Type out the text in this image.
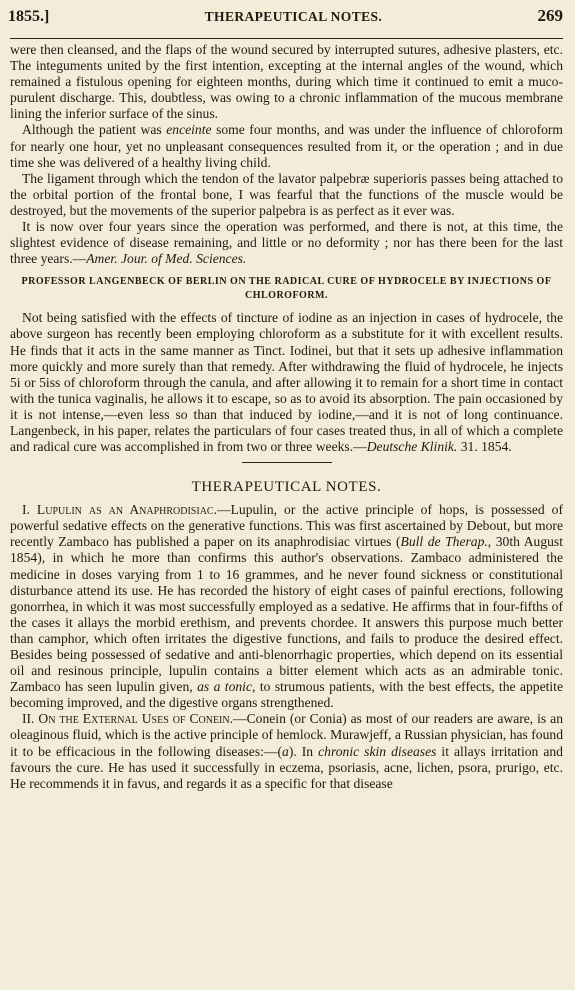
1855.]	THERAPEUTICAL NOTES.	269

were then cleansed, and the flaps of the wound secured by interrupted sutures, adhesive plasters, etc. The integuments united by the first intention, excepting at the internal angles of the wound, which remained a fistulous opening for eighteen months, during which time it continued to emit a muco-purulent discharge. This, doubtless, was owing to a chronic inflammation of the mucous membrane lining the inferior surface of the sinus.

Although the patient was enceinte some four months, and was under the influence of chloroform for nearly one hour, yet no unpleasant consequences resulted from it, or the operation ; and in due time she was delivered of a healthy living child.

The ligament through which the tendon of the lavator palpebræ superioris passes being attached to the orbital portion of the frontal bone, I was fearful that the functions of the muscle would be destroyed, but the movements of the superior palpebra is as perfect as it ever was.

It is now over four years since the operation was performed, and there is not, at this time, the slightest evidence of disease remaining, and little or no deformity ; nor has there been for the last three years.—Amer. Jour. of Med. Sciences.

PROFESSOR LANGENBECK OF BERLIN ON THE RADICAL CURE OF HYDROCELE BY INJECTIONS OF CHLOROFORM.

Not being satisfied with the effects of tincture of iodine as an injection in cases of hydrocele, the above surgeon has recently been employing chloroform as a substitute for it with excellent results. He finds that it acts in the same manner as Tinct. Iodinei, but that it sets up adhesive inflammation more quickly and more surely than that remedy. After withdrawing the fluid of hydrocele, he injects 5i or 5iss of chloroform through the canula, and after allowing it to remain for a short time in contact with the tunica vaginalis, he allows it to escape, so as to avoid its absorption. The pain occasioned by it is not intense,—even less so than that induced by iodine,—and it is not of long continuance. Langenbeck, in his paper, relates the particulars of four cases treated thus, in all of which a complete and radical cure was accomplished in from two or three weeks.—Deutsche Klinik. 31. 1854.

THERAPEUTICAL NOTES.

I. Lupulin as an Anaphrodisiac.—Lupulin, or the active principle of hops, is possessed of powerful sedative effects on the generative functions. This was first ascertained by Debout, but more recently Zambaco has published a paper on its anaphrodisiac virtues (Bull de Therap., 30th August 1854), in which he more than confirms this author's observations. Zambaco administered the medicine in doses varying from 1 to 16 grammes, and he never found sickness or constitutional disturbance attend its use. He has recorded the history of eight cases of painful erections, following gonorrhea, in which it was most successfully employed as a sedative. He affirms that in four-fifths of the cases it allays the morbid erethism, and prevents chordee. It answers this purpose much better than camphor, which often irritates the digestive functions, and fails to produce the desired effect. Besides being possessed of sedative and anti-blenorrhagic properties, which depend on its essential oil and resinous principle, lupulin contains a bitter element which acts as an admirable tonic. Zambaco has seen lupulin given, as a tonic, to strumous patients, with the best effects, the appetite becoming improved, and the digestive organs strengthened.

II. On the External Uses of Conein.—Conein (or Conia) as most of our readers are aware, is an oleaginous fluid, which is the active principle of hemlock. Murawjeff, a Russian physician, has found it to be efficacious in the following diseases:—(a). In chronic skin diseases it allays irritation and favours the cure. He has used it successfully in eczema, psoriasis, acne, lichen, psora, prurigo, etc. He recommends it in favus, and regards it as a specific for that disease
